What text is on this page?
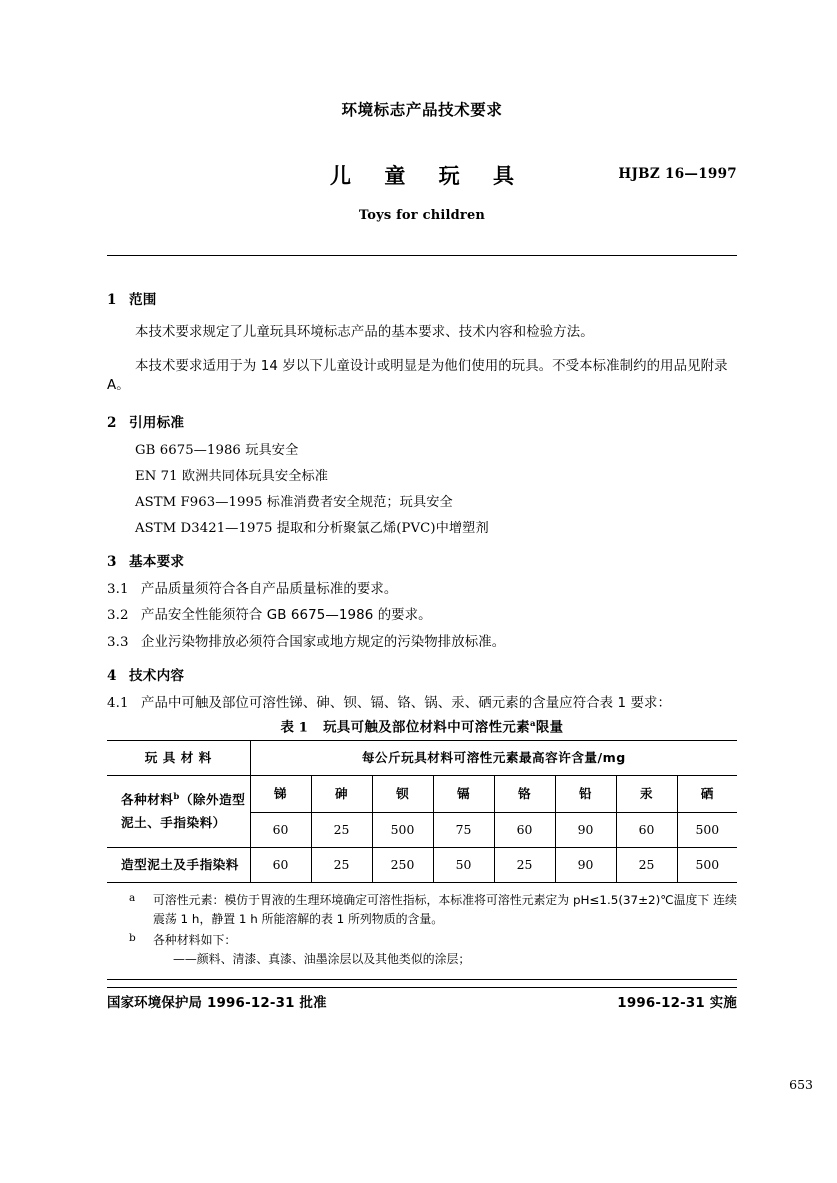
环境标志产品技术要求
儿 童 玩 具	HJBZ 16—1997
Toys for children
1 范围
本技术要求规定了儿童玩具环境标志产品的基本要求、技术内容和检验方法。
本技术要求适用于为 14 岁以下儿童设计或明显是为他们使用的玩具。不受本标准制约的用品见附录 A。
2 引用标准
GB 6675—1986 玩具安全
EN 71 欧洲共同体玩具安全标准
ASTM F963—1995 标准消费者安全规范；玩具安全
ASTM D3421—1975 提取和分析聚氯乙烯(PVC)中增塑剂
3 基本要求
3.1 产品质量须符合各自产品质量标准的要求。
3.2 产品安全性能须符合 GB 6675—1986 的要求。
3.3 企业污染物排放必须符合国家或地方规定的污染物排放标准。
4 技术内容
4.1 产品中可触及部位可溶性锑、砷、钡、镉、铬、锅、汞、硒元素的含量应符合表 1 要求：
表 1 玩具可触及部位材料中可溶性元素$^a$限量
玩 具 材 料	每公斤玩具材料可溶性元素最高容许含量/mg							
各种材料$^b$（除外造型
泥土、手指染料）	锑	砷	钡	镉	铬	铅	汞	硒
	60	25	500	75	60	90	60	500
造型泥土及手指染料	60	25	250	50	25	90	25	500
a 可溶性元素：模仿于胃液的生理环境确定可溶性指标，本标准将可溶性元素定为 pH≤1.5(37±2)℃温度下 连续震荡 1 h，静置 1 h 所能溶解的表 1 所列物质的含量。
b 各种材料如下：
——颜料、清漆、真漆、油墨涂层以及其他类似的涂层；
国家环境保护局 1996-12-31 批准	1996-12-31 实施
653
